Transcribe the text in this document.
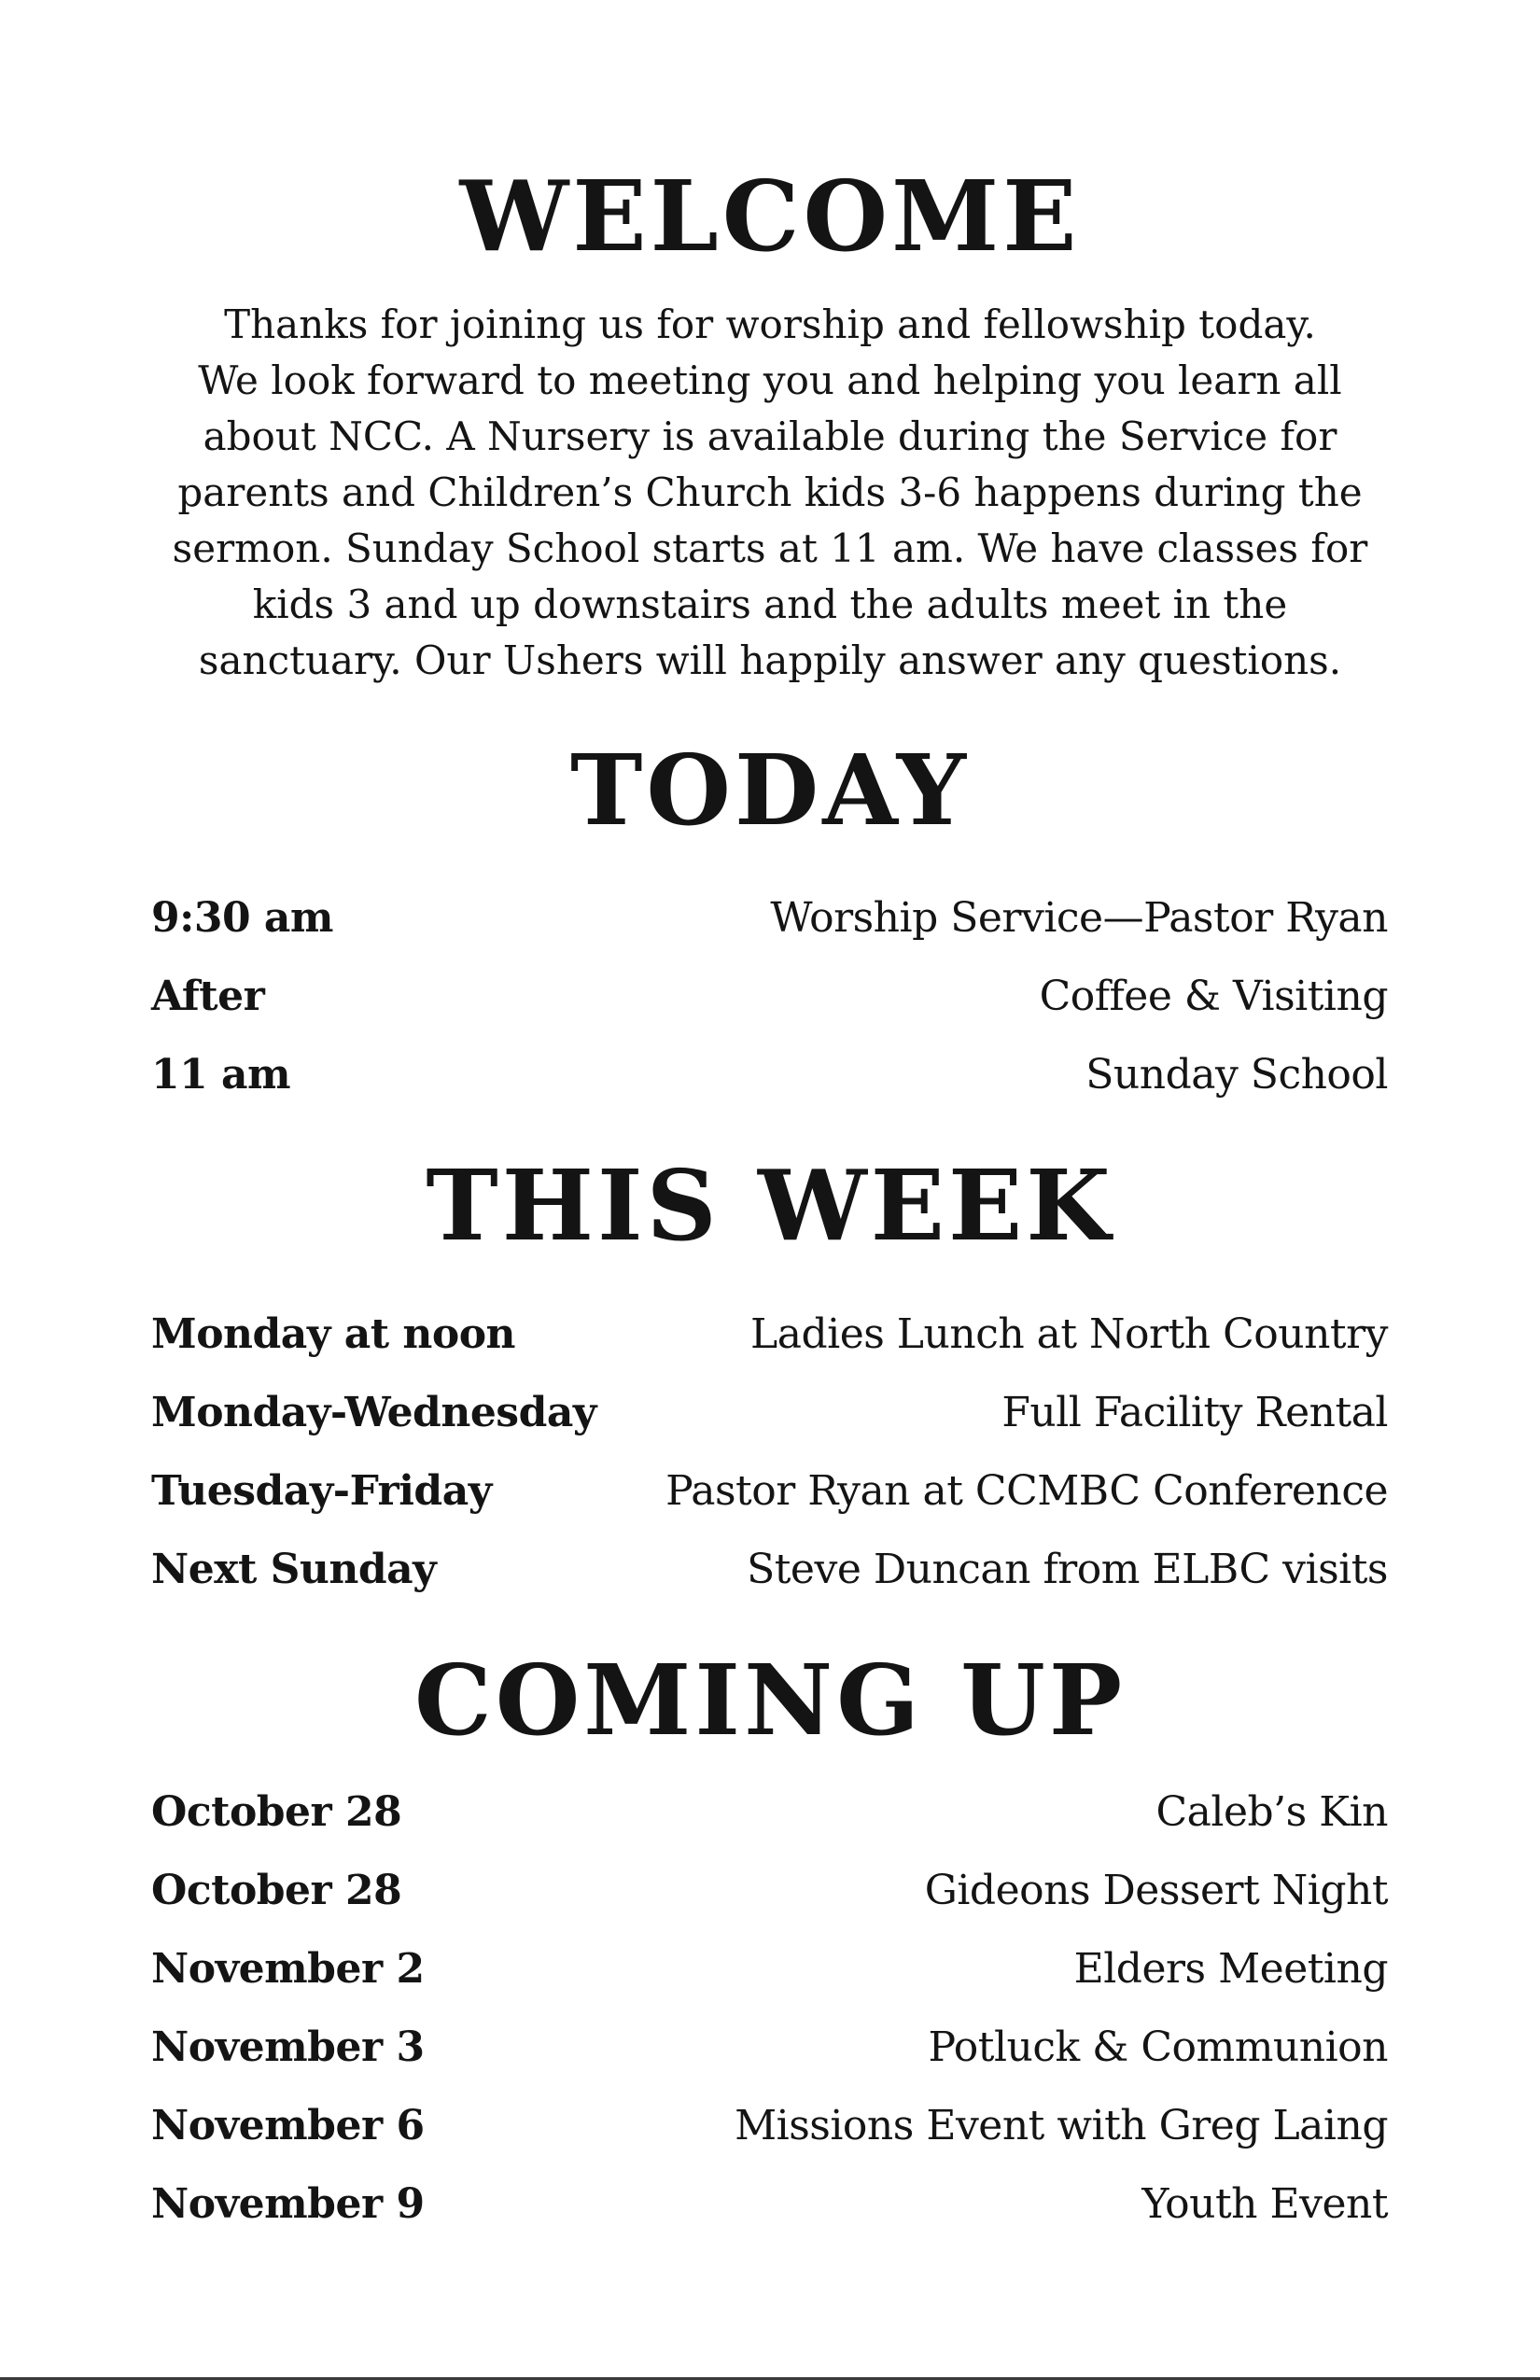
WELCOME

Thanks for joining us for worship and fellowship today.
We look forward to meeting you and helping you learn all
about NCC. A Nursery is available during the Service for
parents and Children’s Church kids 3-6 happens during the
sermon. Sunday School starts at 11 am. We have classes for
kids 3 and up downstairs and the adults meet in the
sanctuary. Our Ushers will happily answer any questions.

TODAY
9:30 am	Worship Service—Pastor Ryan
After	Coffee & Visiting
11 am	Sunday School
THIS WEEK
Monday at noon	Ladies Lunch at North Country
Monday-Wednesday	Full Facility Rental
Tuesday-Friday	Pastor Ryan at CCMBC Conference
Next Sunday	Steve Duncan from ELBC visits
COMING UP
October 28	Caleb’s Kin
October 28	Gideons Dessert Night
November 2	Elders Meeting
November 3	Potluck & Communion
November 6	Missions Event with Greg Laing
November 9	Youth Event
